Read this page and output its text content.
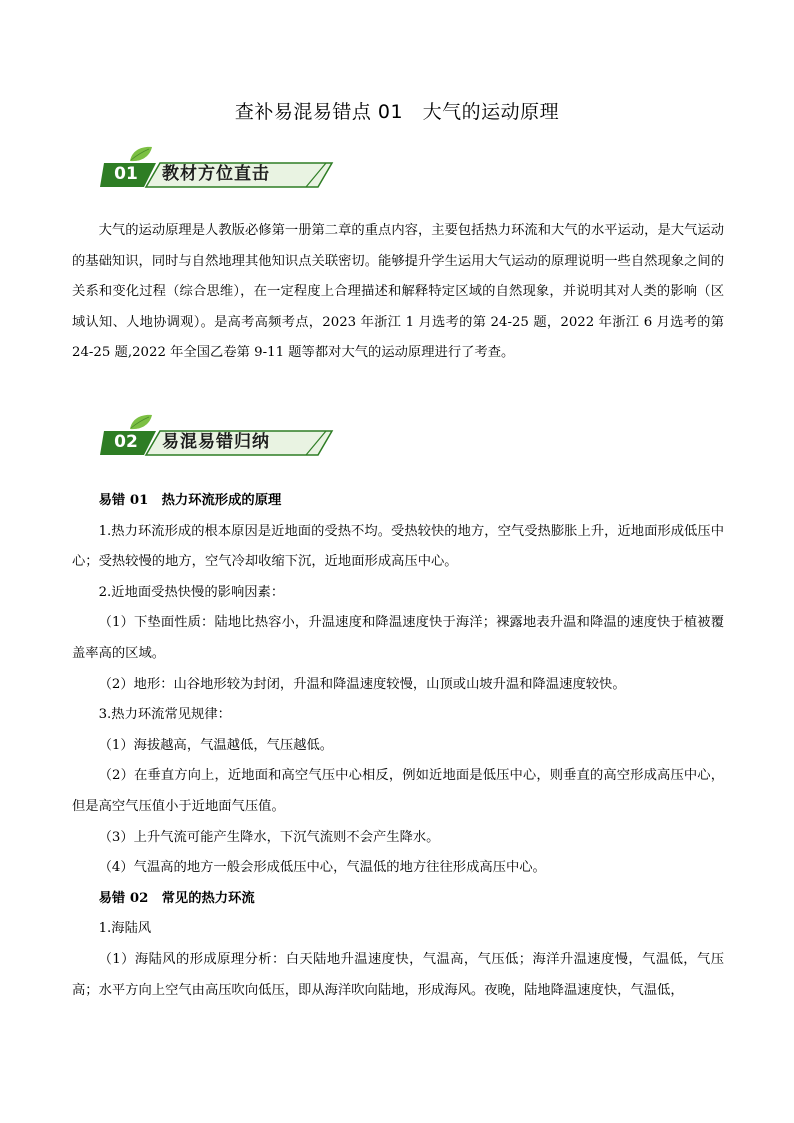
查补易混易错点 01　大气的运动原理
01	教材方位直击

大气的运动原理是人教版必修第一册第二章的重点内容，主要包括热力环流和大气的水平运动，是大气运动的基础知识，同时与自然地理其他知识点关联密切。能够提升学生运用大气运动的原理说明一些自然现象之间的关系和变化过程（综合思维），在一定程度上合理描述和解释特定区域的自然现象，并说明其对人类的影响（区域认知、人地协调观）。是高考高频考点，2023 年浙江 1 月选考的第 24-25 题，2022 年浙江 6 月选考的第 24-25 题,2022 年全国乙卷第 9-11 题等都对大气的运动原理进行了考查。

02	易混易错归纳

易错 01　热力环流形成的原理

1.热力环流形成的根本原因是近地面的受热不均。受热较快的地方，空气受热膨胀上升，近地面形成低压中心；受热较慢的地方，空气冷却收缩下沉，近地面形成高压中心。

2.近地面受热快慢的影响因素：

（1）下垫面性质：陆地比热容小，升温速度和降温速度快于海洋；裸露地表升温和降温的速度快于植被覆盖率高的区域。

（2）地形：山谷地形较为封闭，升温和降温速度较慢，山顶或山坡升温和降温速度较快。

3.热力环流常见规律：

（1）海拔越高，气温越低，气压越低。

（2）在垂直方向上，近地面和高空气压中心相反，例如近地面是低压中心，则垂直的高空形成高压中心，但是高空气压值小于近地面气压值。

（3）上升气流可能产生降水，下沉气流则不会产生降水。

（4）气温高的地方一般会形成低压中心，气温低的地方往往形成高压中心。

易错 02　常见的热力环流

1.海陆风

（1）海陆风的形成原理分析：白天陆地升温速度快，气温高，气压低；海洋升温速度慢，气温低，气压高；水平方向上空气由高压吹向低压，即从海洋吹向陆地，形成海风。夜晚，陆地降温速度快，气温低，
